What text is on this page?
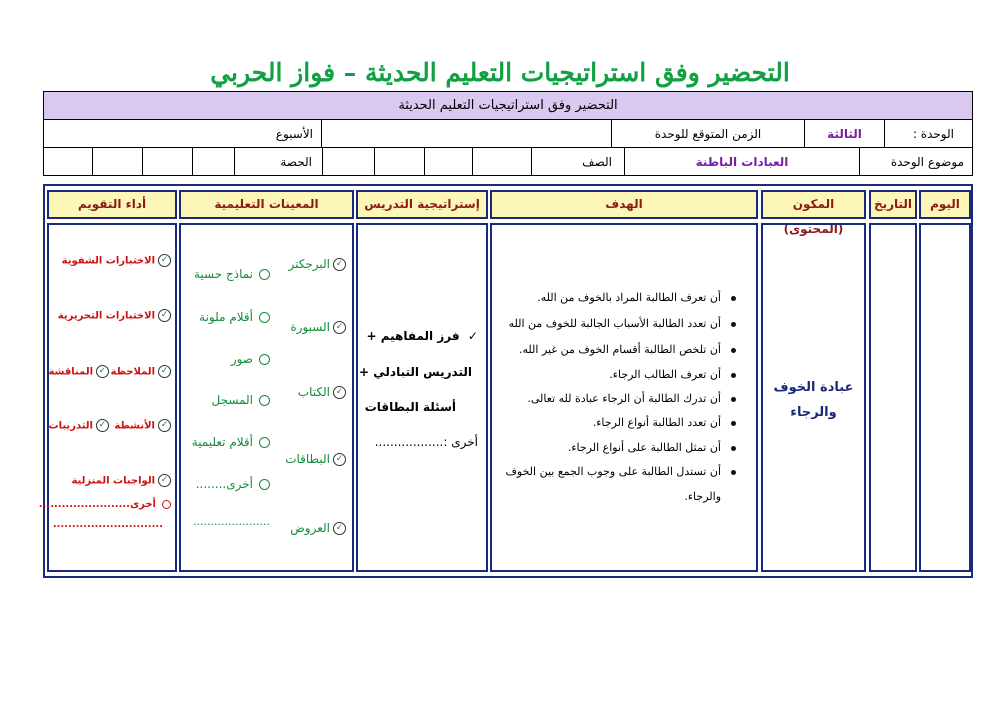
التحضير وفق استراتيجيات التعليم الحديثة – فواز الحربي
التحضير وفق استراتيجيات التعليم الحديثة
الوحدة :
الثالثة
الزمن المتوقع للوحدة
الأسبوع
موضوع الوحدة
العبادات الباطنة
الصف
الحصة
اليوم
التاريخ
المكون (المحتوى)
عبادة الخوف
والرجاء
الهدف
أن تعرف الطالبة المراد بالخوف من الله.
أن تعدد الطالبة الأسباب الجالبة للخوف من الله
أن تلخص الطالبة أقسام الخوف من غير الله.
أن تعرف الطالب الرجاء.
أن تدرك الطالبة أن الرجاء عبادة لله تعالى.
أن تعدد الطالبة أنواع الرجاء.
أن تمثل الطالبة على أنواع الرجاء.
أن تستدل الطالبة على وجوب الجمع بين الخوف
والرجاء.
إستراتيجية التدريس
✓  فرز المفاهيم +
التدريس التبادلي +
أسئلة البطاقات
أخرى :..................
المعينات التعليمية
✓البرجكتر
✓السبورة
✓الكتاب
✓البطاقات
✓العروض
نماذج حسية
أقلام ملونة
صور
المسجل
أقلام تعليمية
أخرى........
......................
أداء التقويم
✓الاختبارات الشفوية
✓الاختبارات التحريرية
✓الملاحظة
✓المناقشة
✓الأنشطة
✓التدريبات
✓الواجبات المنزلية
أخرى........................
.............................
